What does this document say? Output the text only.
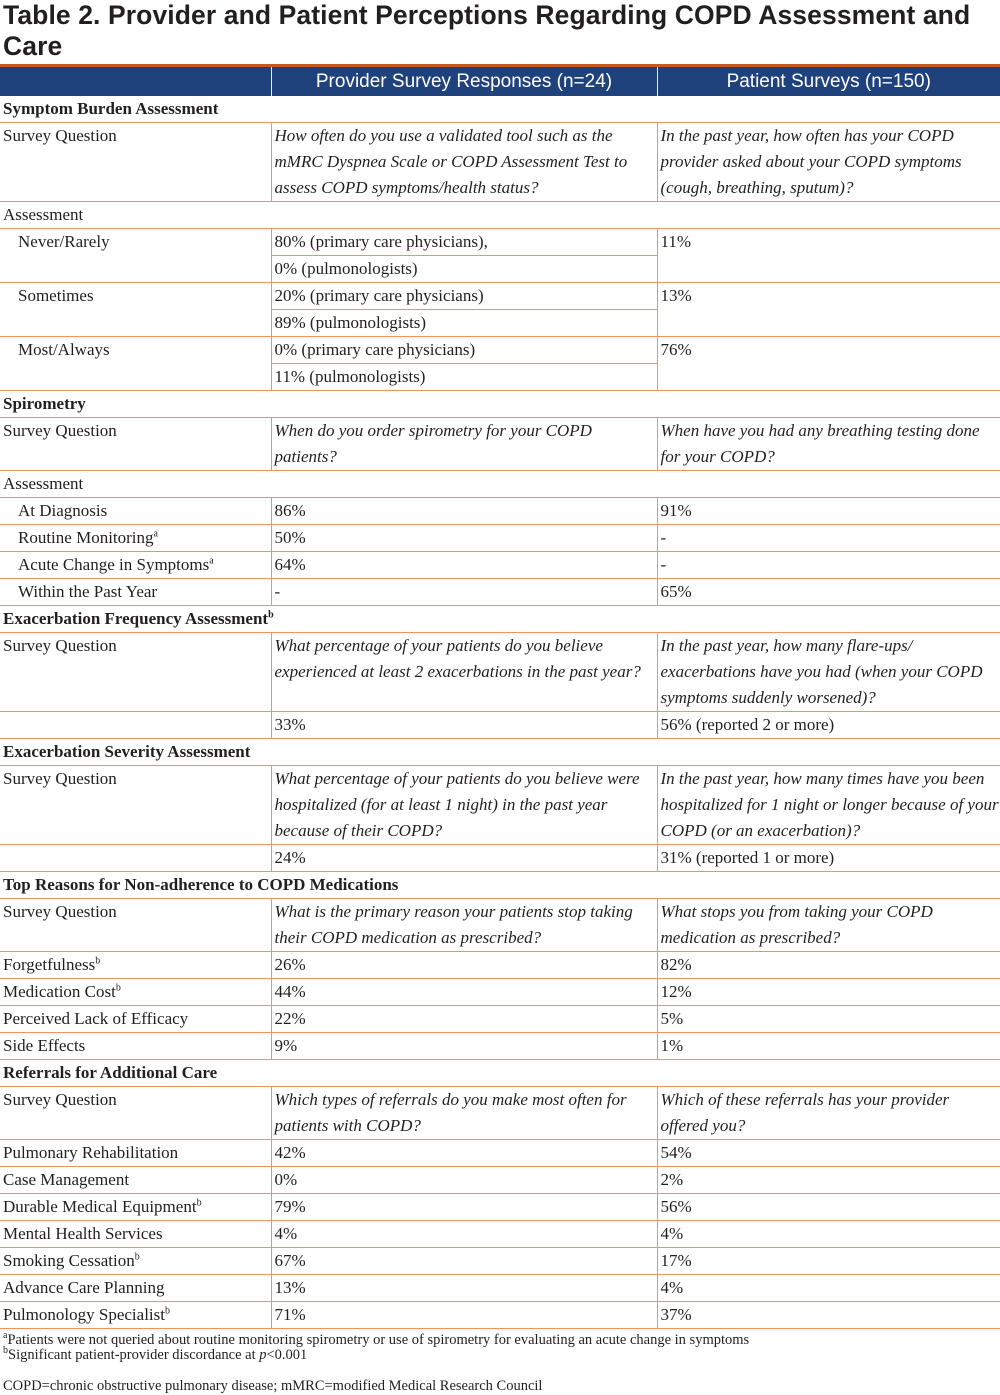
Table 2. Provider and Patient Perceptions Regarding COPD Assessment and Care
	Provider Survey Responses (n=24)	Patient Surveys (n=150)
Symptom Burden Assessment		
Survey Question	How often do you use a validated tool such as the mMRC Dyspnea Scale or COPD Assessment Test to assess COPD symptoms/health status?	In the past year, how often has your COPD provider asked about your COPD symptoms (cough, breathing, sputum)?
Assessment		
Never/Rarely	80% (primary care physicians),	11%
	0% (pulmonologists)	
Sometimes	20% (primary care physicians)	13%
	89% (pulmonologists)	
Most/Always	0% (primary care physicians)	76%
	11% (pulmonologists)	
Spirometry		
Survey Question	When do you order spirometry for your COPD patients?	When have you had any breathing testing done for your COPD?
Assessment		
At Diagnosis	86%	91%
Routine Monitoring$^a$	50%	-
Acute Change in Symptoms$^a$	64%	-
Within the Past Year	-	65%
Exacerbation Frequency Assessment$^b$
Survey Question	What percentage of your patients do you believe experienced at least 2 exacerbations in the past year?	In the past year, how many flare-ups/ exacerbations have you had (when your COPD symptoms suddenly worsened)?
	33%	56% (reported 2 or more)
Exacerbation Severity Assessment		
Survey Question	What percentage of your patients do you believe were hospitalized (for at least 1 night) in the past year because of their COPD?	In the past year, how many times have you been hospitalized for 1 night or longer because of your COPD (or an exacerbation)?
	24%	31% (reported 1 or more)
Top Reasons for Non-adherence to COPD Medications		
Survey Question	What is the primary reason your patients stop taking their COPD medication as prescribed?	What stops you from taking your COPD medication as prescribed?
Forgetfulness$^b$	26%	82%
Medication Cost$^b$	44%	12%
Perceived Lack of Efficacy	22%	5%
Side Effects	9%	1%
Referrals for Additional Care		
Survey Question	Which types of referrals do you make most often for patients with COPD?	Which of these referrals has your provider offered you?
Pulmonary Rehabilitation	42%	54%
Case Management	0%	2%
Durable Medical Equipment$^b$	79%	56%
Mental Health Services	4%	4%
Smoking Cessation$^b$	67%	17%
Advance Care Planning	13%	4%
Pulmonology Specialist$^b$	71%	37%
$^a$Patients were not queried about routine monitoring spirometry or use of spirometry for evaluating an acute change in symptoms
$^b$Significant patient-provider discordance at p<0.001
COPD=chronic obstructive pulmonary disease; mMRC=modified Medical Research Council
